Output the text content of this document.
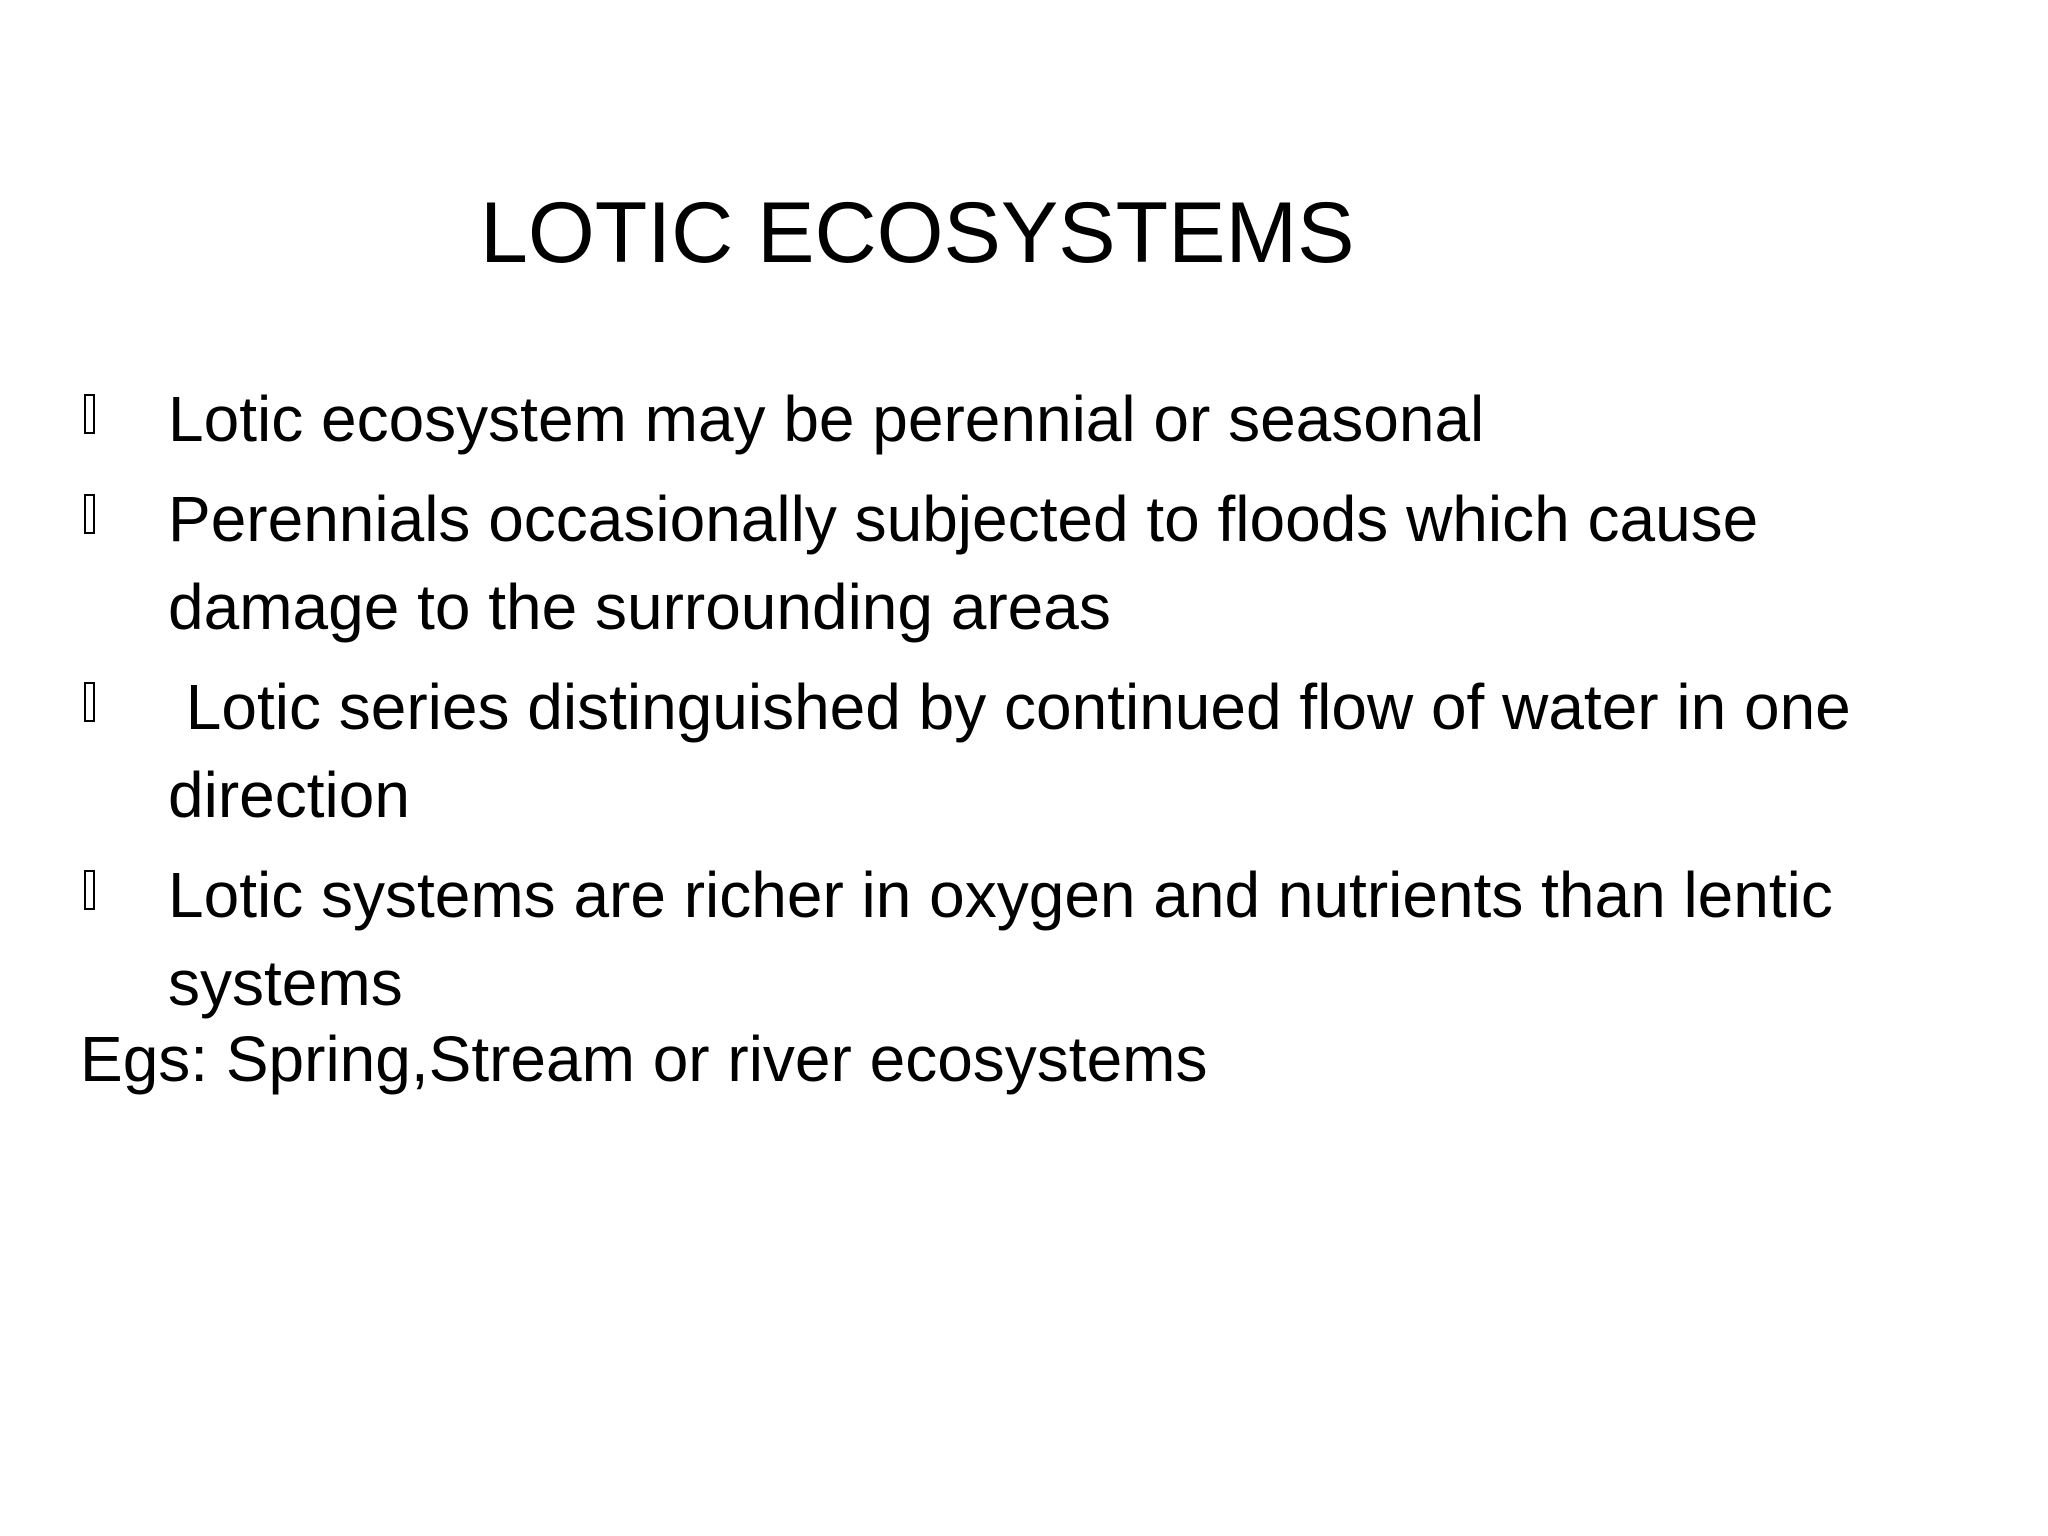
LOTIC ECOSYSTEMS
Lotic ecosystem may be perennial or seasonal
Perennials occasionally subjected to floods which cause damage to the surrounding areas
Lotic series distinguished by continued flow of water in one direction
Lotic systems are richer in oxygen and nutrients than lentic systems

Egs: Spring,Stream or river ecosystems
